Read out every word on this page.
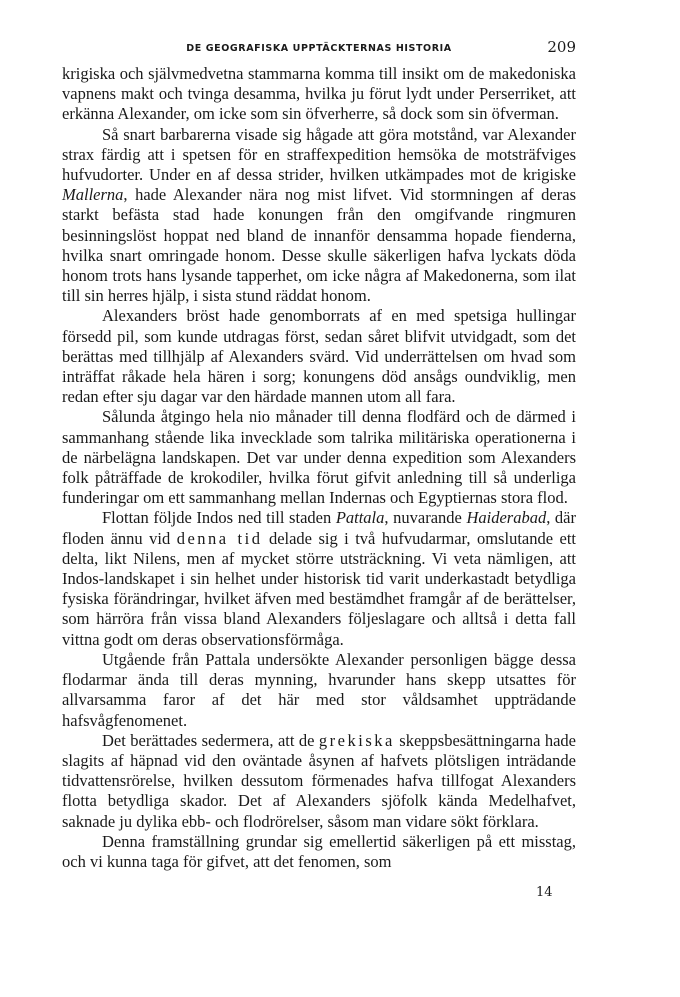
DE GEOGRAFISKA UPPTÄCKTERNAS HISTORIA	209

krigiska och självmedvetna stammarna komma till insikt om de makedoniska vapnens makt och tvinga desamma, hvilka ju förut lydt under Perserriket, att erkänna Alexander, om icke som sin öfverherre, så dock som sin öfverman.

Så snart barbarerna visade sig hågade att göra motstånd, var Alexander strax färdig att i spetsen för en straffexpedition hemsöka de motsträfviges hufvudorter. Under en af dessa strider, hvilken utkämpades mot de krigiske Mallerna, hade Alexander nära nog mist lifvet. Vid stormningen af deras starkt befästa stad hade konungen från den omgifvande ringmuren besinningslöst hoppat ned bland de innanför densamma hopade fienderna, hvilka snart omringade honom. Desse skulle säkerligen hafva lyckats döda honom trots hans lysande tapperhet, om icke några af Makedonerna, som ilat till sin herres hjälp, i sista stund räddat honom.

Alexanders bröst hade genomborrats af en med spetsiga hullingar försedd pil, som kunde utdragas först, sedan såret blifvit utvidgadt, som det berättas med tillhjälp af Alexanders svärd. Vid underrättelsen om hvad som inträffat råkade hela hären i sorg; konungens död ansågs oundviklig, men redan efter sju dagar var den härdade mannen utom all fara.

Sålunda åtgingo hela nio månader till denna flodfärd och de därmed i sammanhang stående lika invecklade som talrika militäriska operationerna i de närbelägna landskapen. Det var under denna expedition som Alexanders folk påträffade de krokodiler, hvilka förut gifvit anledning till så underliga funderingar om ett sammanhang mellan Indernas och Egyptiernas stora flod.

Flottan följde Indos ned till staden Pattala, nuvarande Haiderabad, där floden ännu vid denna tid delade sig i två hufvudarmar, omslutande ett delta, likt Nilens, men af mycket större utsträckning. Vi veta nämligen, att Indos-landskapet i sin helhet under historisk tid varit underkastadt betydliga fysiska förändringar, hvilket äfven med bestämdhet framgår af de berättelser, som härröra från vissa bland Alexanders följeslagare och alltså i detta fall vittna godt om deras observationsförmåga.

Utgående från Pattala undersökte Alexander personligen bägge dessa flodarmar ända till deras mynning, hvarunder hans skepp utsattes för allvarsamma faror af det här med stor våldsamhet uppträdande hafsvågfenomenet.

Det berättades sedermera, att de grekiska skeppsbesättningarna hade slagits af häpnad vid den oväntade åsynen af hafvets plötsligen inträdande tidvattensrörelse, hvilken dessutom förmenades hafva tillfogat Alexanders flotta betydliga skador. Det af Alexanders sjöfolk kända Medelhafvet, saknade ju dylika ebb- och flodrörelser, såsom man vidare sökt förklara.

Denna framställning grundar sig emellertid säkerligen på ett misstag, och vi kunna taga för gifvet, att det fenomen, som

14
